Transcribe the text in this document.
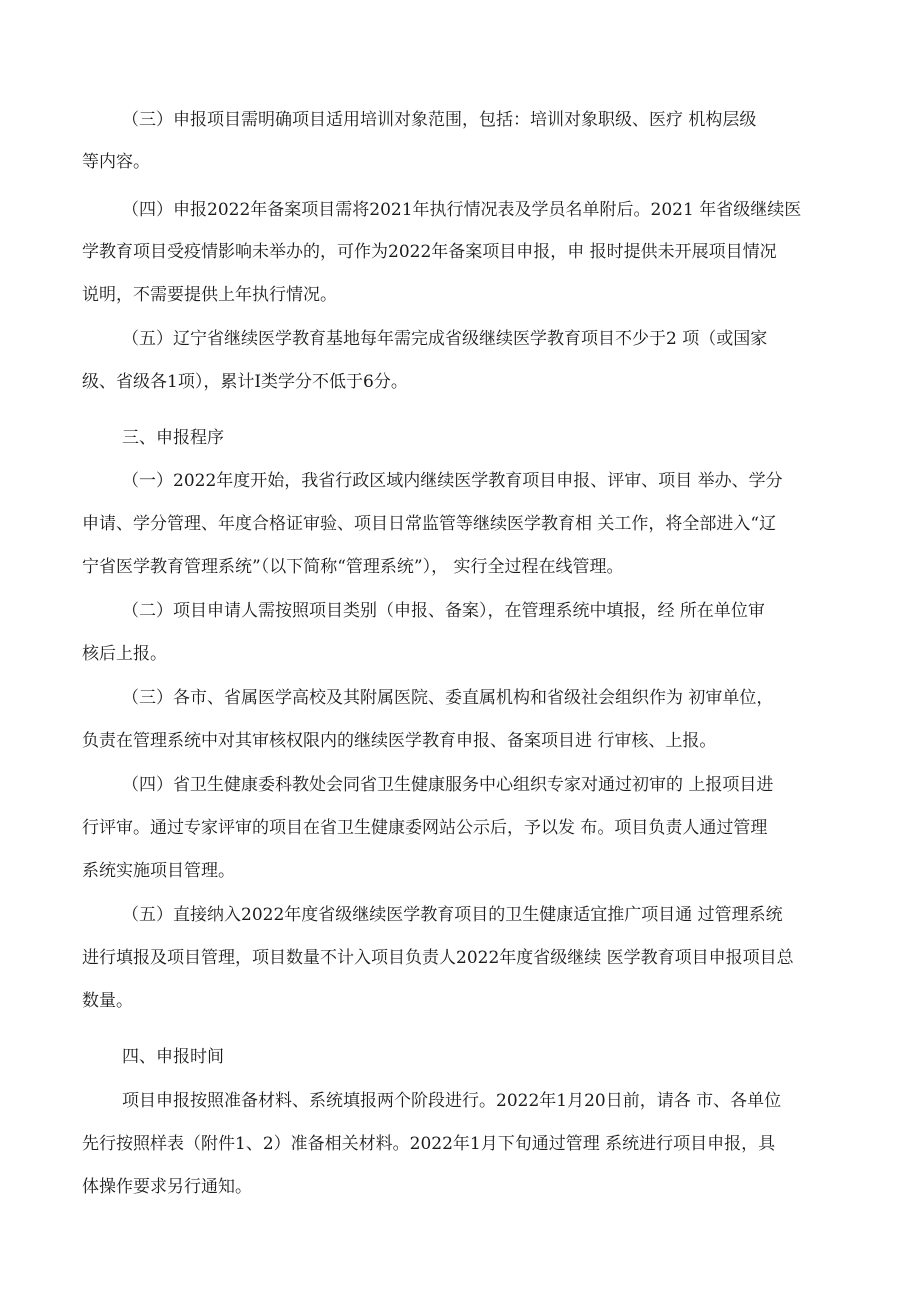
（三）申报项目需明确项目适用培训对象范围，包括：培训对象职级、医疗 机构层级
等内容。
（四）申报2022年备案项目需将2021年执行情况表及学员名单附后。2021 年省级继续医
学教育项目受疫情影响未举办的，可作为2022年备案项目申报，申 报时提供未开展项目情况
说明，不需要提供上年执行情况。
（五）辽宁省继续医学教育基地每年需完成省级继续医学教育项目不少于2 项（或国家
级、省级各1项），累计I类学分不低于6分。
三、申报程序
（一）2022年度开始，我省行政区域内继续医学教育项目申报、评审、项目 举办、学分
申请、学分管理、年度合格证审验、项目日常监管等继续医学教育相 关工作，将全部进入“辽
宁省医学教育管理系统”（以下简称“管理系统”）， 实行全过程在线管理。
（二）项目申请人需按照项目类别（申报、备案），在管理系统中填报，经 所在单位审
核后上报。
（三）各市、省属医学高校及其附属医院、委直属机构和省级社会组织作为 初审单位，
负责在管理系统中对其审核权限内的继续医学教育申报、备案项目进 行审核、上报。
（四）省卫生健康委科教处会同省卫生健康服务中心组织专家对通过初审的 上报项目进
行评审。通过专家评审的项目在省卫生健康委网站公示后，予以发 布。项目负责人通过管理
系统实施项目管理。
（五）直接纳入2022年度省级继续医学教育项目的卫生健康适宜推广项目通 过管理系统
进行填报及项目管理，项目数量不计入项目负责人2022年度省级继续 医学教育项目申报项目总
数量。
四、申报时间
项目申报按照准备材料、系统填报两个阶段进行。2022年1月20日前，请各 市、各单位
先行按照样表（附件1、2）准备相关材料。2022年1月下旬通过管理 系统进行项目申报，具
体操作要求另行通知。
